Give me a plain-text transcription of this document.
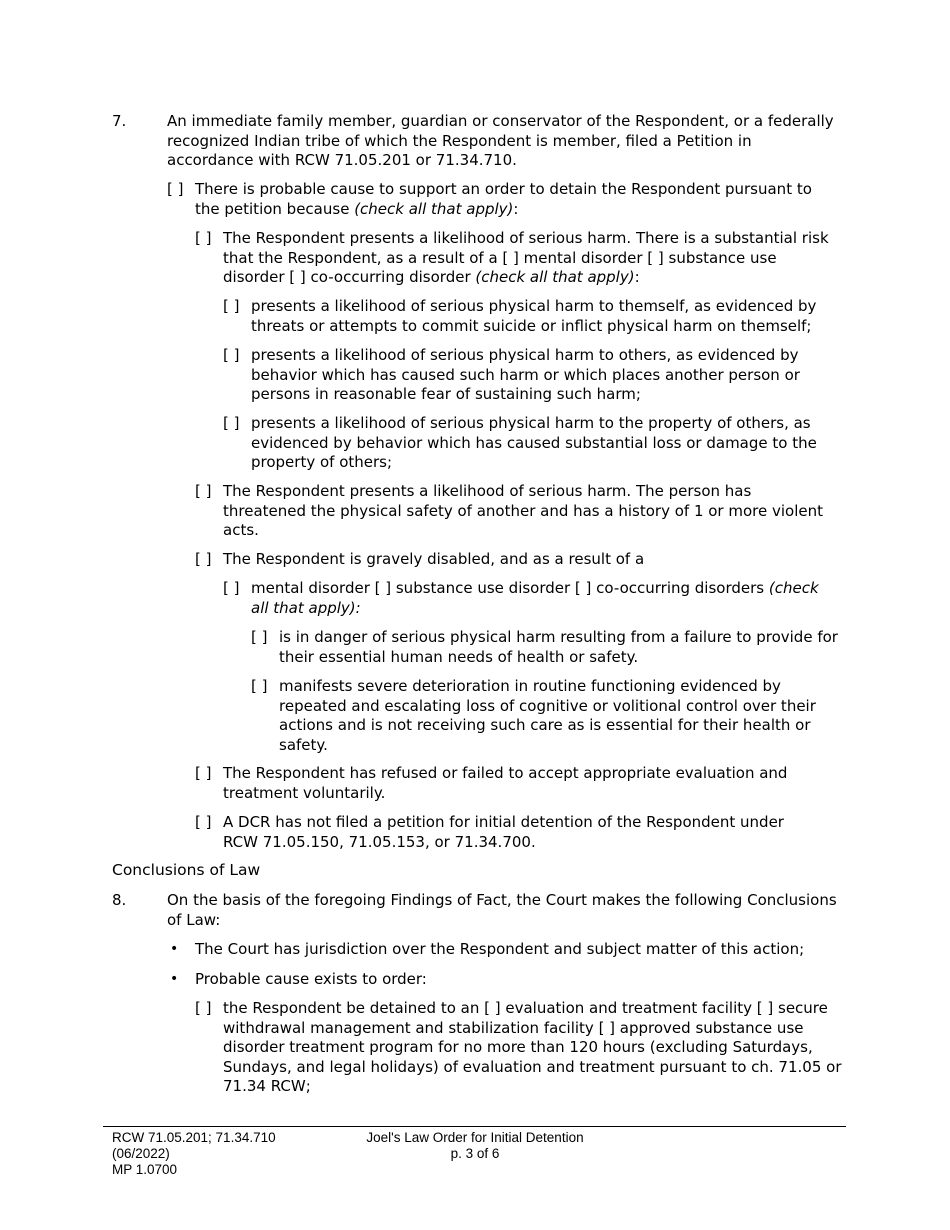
7.	An immediate family member, guardian or conservator of the Respondent, or a federally
recognized Indian tribe of which the Respondent is member, filed a Petition in
accordance with RCW 71.05.201 or 71.34.710.
[ ] There is probable cause to support an order to detain the Respondent pursuant to
the petition because (check all that apply):
[ ] The Respondent presents a likelihood of serious harm. There is a substantial risk
that the Respondent, as a result of a [ ] mental disorder [ ] substance use
disorder [ ] co-occurring disorder (check all that apply):
[ ] presents a likelihood of serious physical harm to themself, as evidenced by
threats or attempts to commit suicide or inflict physical harm on themself;
[ ] presents a likelihood of serious physical harm to others, as evidenced by
behavior which has caused such harm or which places another person or
persons in reasonable fear of sustaining such harm;
[ ] presents a likelihood of serious physical harm to the property of others, as
evidenced by behavior which has caused substantial loss or damage to the
property of others;
[ ] The Respondent presents a likelihood of serious harm. The person has
threatened the physical safety of another and has a history of 1 or more violent
acts.
[ ] The Respondent is gravely disabled, and as a result of a
[ ] mental disorder [ ] substance use disorder [ ] co-occurring disorders (check
all that apply):
[ ] is in danger of serious physical harm resulting from a failure to provide for
their essential human needs of health or safety.
[ ] manifests severe deterioration in routine functioning evidenced by
repeated and escalating loss of cognitive or volitional control over their
actions and is not receiving such care as is essential for their health or
safety.
[ ] The Respondent has refused or failed to accept appropriate evaluation and
treatment voluntarily.
[ ] A DCR has not filed a petition for initial detention of the Respondent under
RCW 71.05.150, 71.05.153, or 71.34.700.
Conclusions of Law
8.	On the basis of the foregoing Findings of Fact, the Court makes the following Conclusions
of Law:
• The Court has jurisdiction over the Respondent and subject matter of this action;
• Probable cause exists to order:
[ ] the Respondent be detained to an [ ] evaluation and treatment facility [ ] secure
withdrawal management and stabilization facility [ ] approved substance use
disorder treatment program for no more than 120 hours (excluding Saturdays,
Sundays, and legal holidays) of evaluation and treatment pursuant to ch. 71.05 or
71.34 RCW;
RCW 71.05.201; 71.34.710
(06/2022)
MP 1.0700
Joel's Law Order for Initial Detention
p. 3 of 6
